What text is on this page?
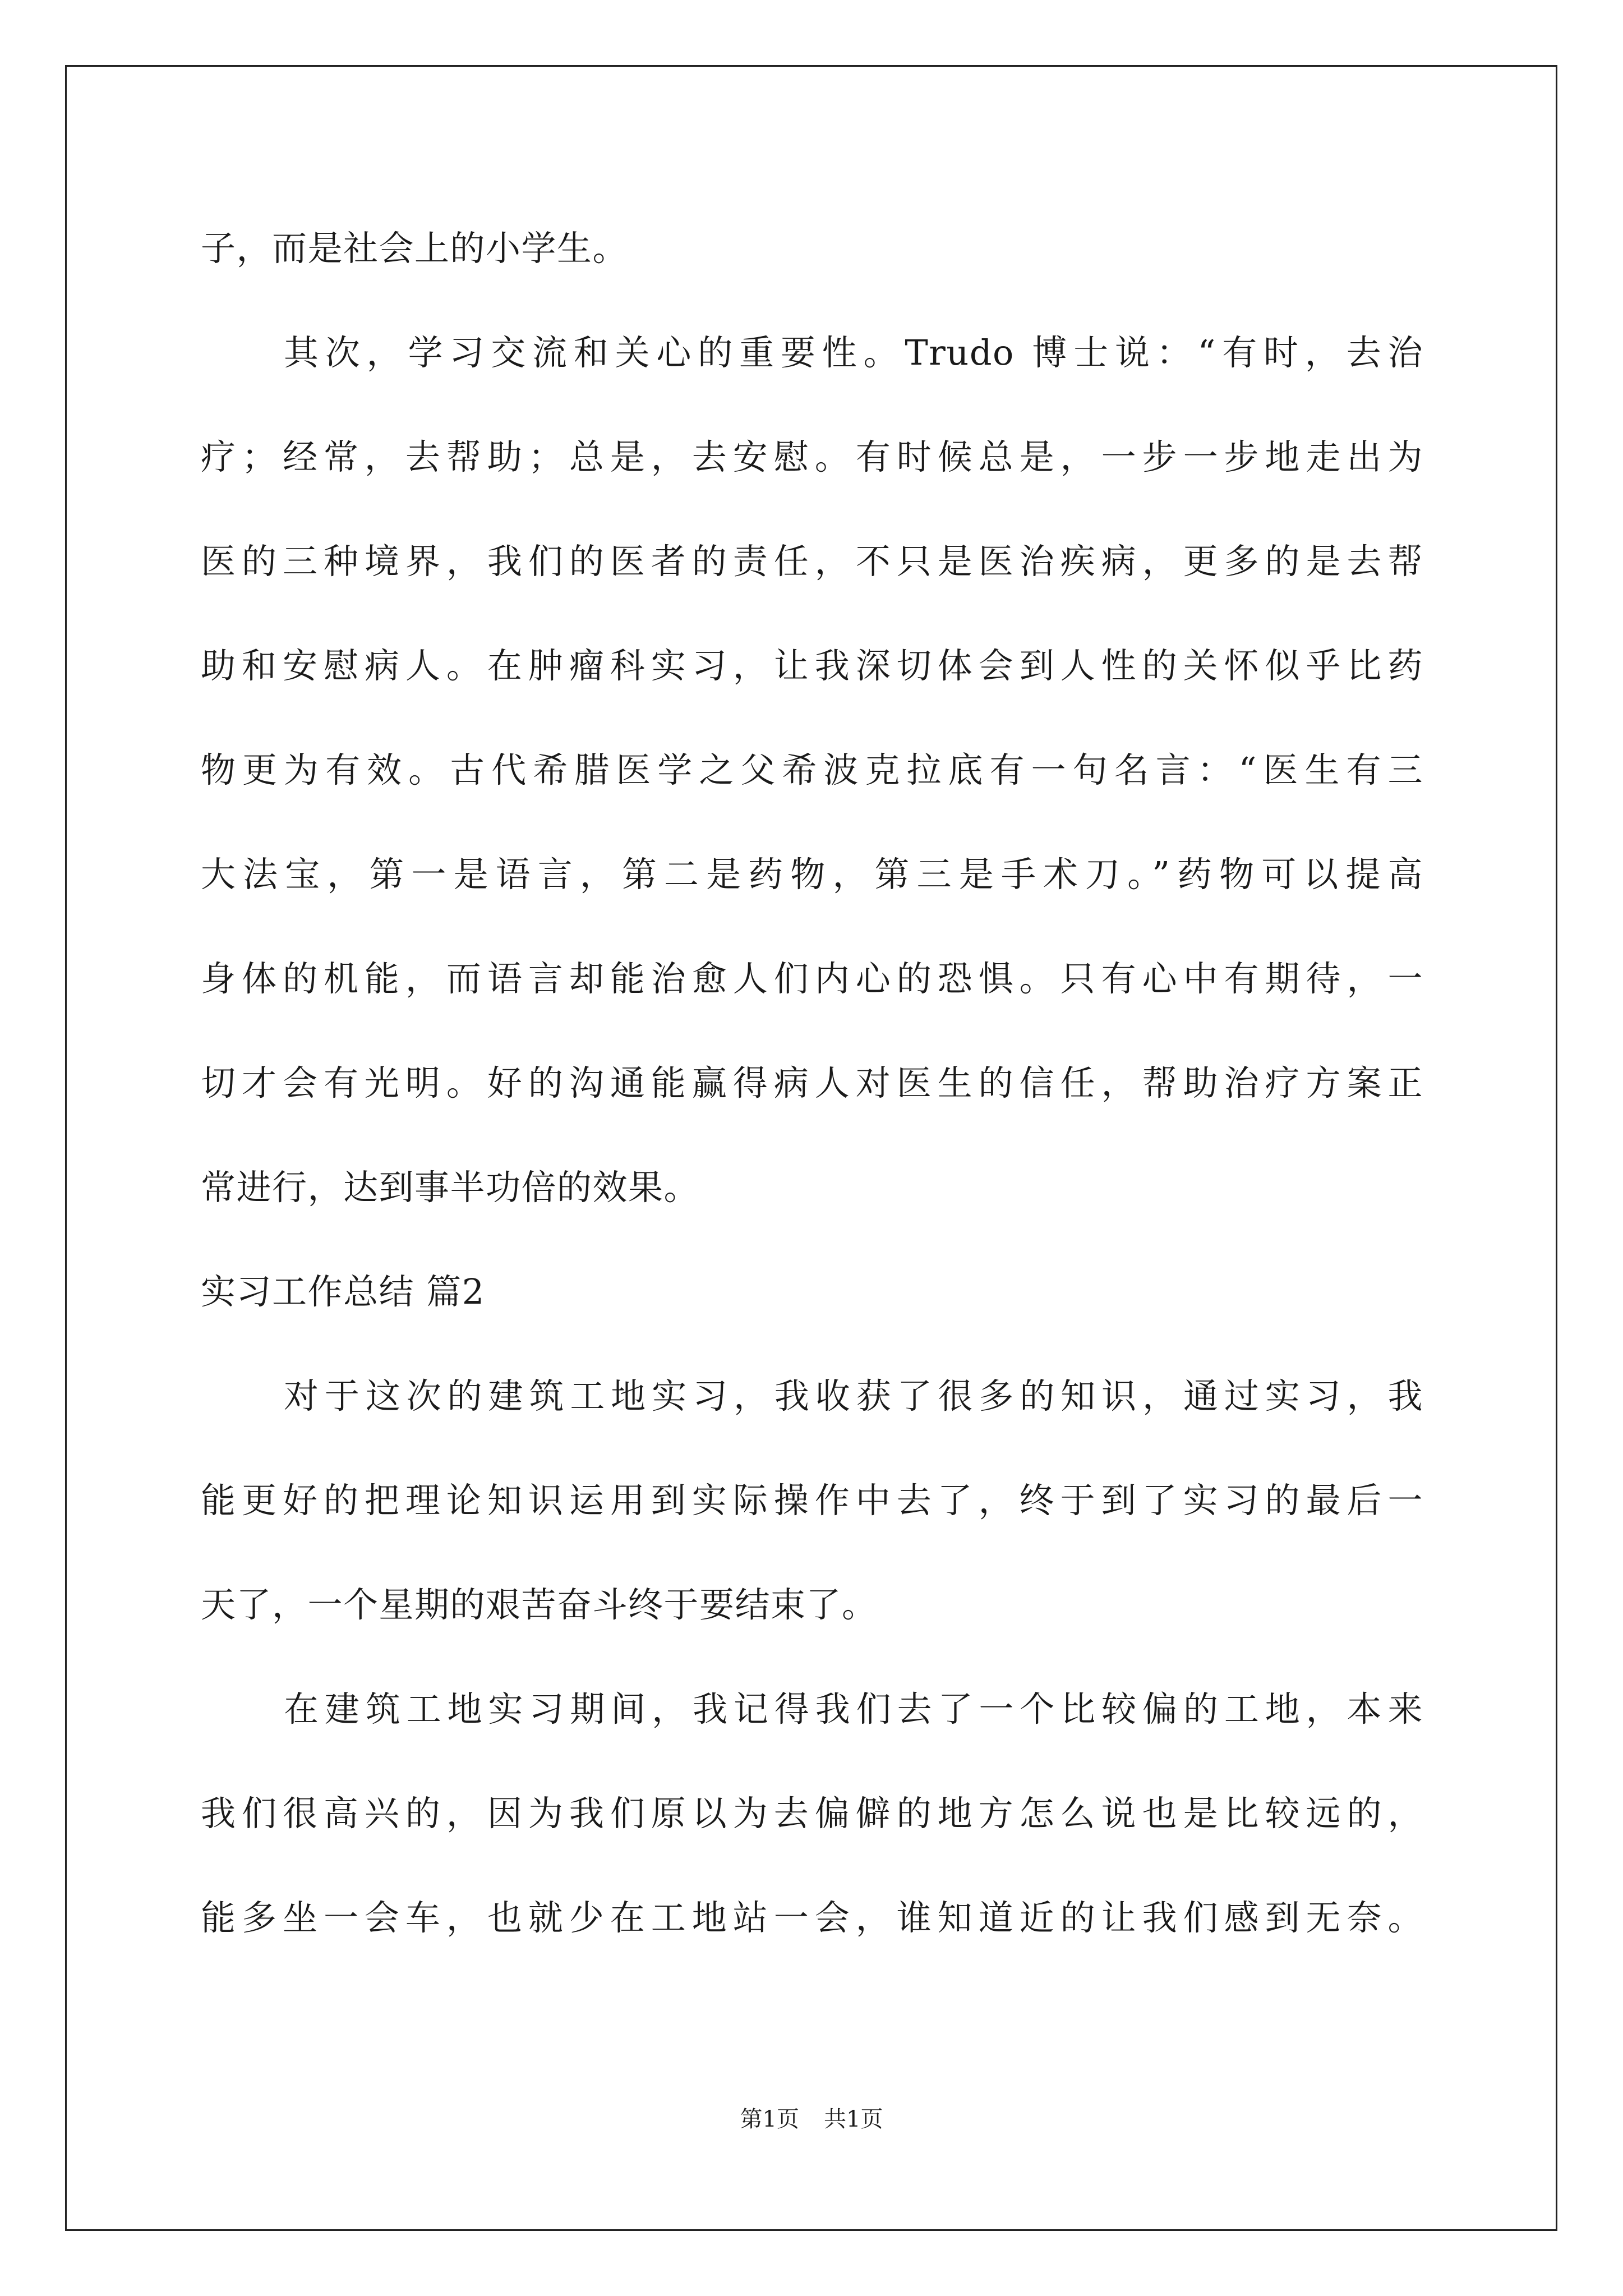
子，而是社会上的小学生。
其次，学习交流和关心的重要性。Trudo 博士说：“有时，去治
疗；经常，去帮助；总是，去安慰。有时候总是，一步一步地走出为
医的三种境界，我们的医者的责任，不只是医治疾病，更多的是去帮
助和安慰病人。在肿瘤科实习，让我深切体会到人性的关怀似乎比药
物更为有效。古代希腊医学之父希波克拉底有一句名言：“医生有三
大法宝，第一是语言，第二是药物，第三是手术刀。”药物可以提高
身体的机能，而语言却能治愈人们内心的恐惧。只有心中有期待，一
切才会有光明。好的沟通能赢得病人对医生的信任，帮助治疗方案正
常进行，达到事半功倍的效果。
实习工作总结 篇2
对于这次的建筑工地实习，我收获了很多的知识，通过实习，我
能更好的把理论知识运用到实际操作中去了，终于到了实习的最后一
天了，一个星期的艰苦奋斗终于要结束了。
在建筑工地实习期间，我记得我们去了一个比较偏的工地，本来
我们很高兴的，因为我们原以为去偏僻的地方怎么说也是比较远的，
能多坐一会车，也就少在工地站一会，谁知道近的让我们感到无奈。
第1页 共1页
